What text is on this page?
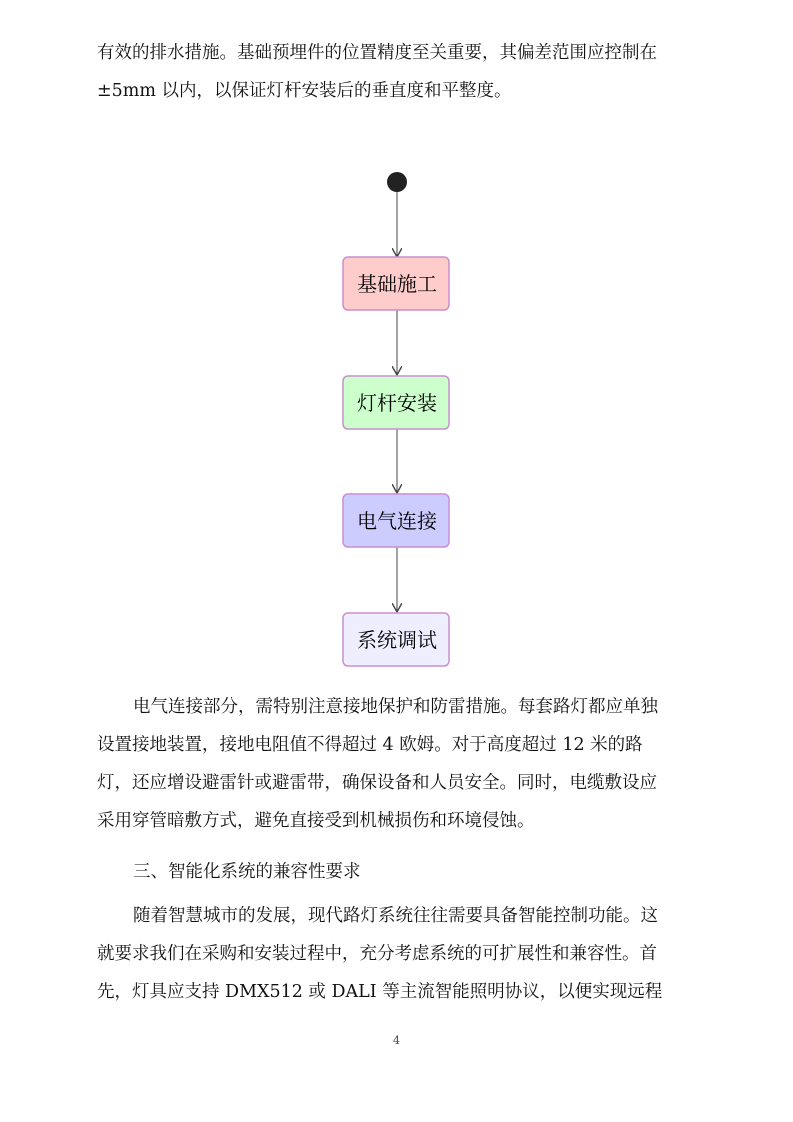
有效的排水措施。基础预埋件的位置精度至关重要，其偏差范围应控制在
±5mm 以内，以保证灯杆安装后的垂直度和平整度。
基础施工
灯杆安装
电气连接
系统调试
电气连接部分，需特别注意接地保护和防雷措施。每套路灯都应单独
设置接地装置，接地电阻值不得超过 4 欧姆。对于高度超过 12 米的路
灯，还应增设避雷针或避雷带，确保设备和人员安全。同时，电缆敷设应
采用穿管暗敷方式，避免直接受到机械损伤和环境侵蚀。
三、智能化系统的兼容性要求
随着智慧城市的发展，现代路灯系统往往需要具备智能控制功能。这
就要求我们在采购和安装过程中，充分考虑系统的可扩展性和兼容性。首
先，灯具应支持 DMX512 或 DALI 等主流智能照明协议，以便实现远程
4
